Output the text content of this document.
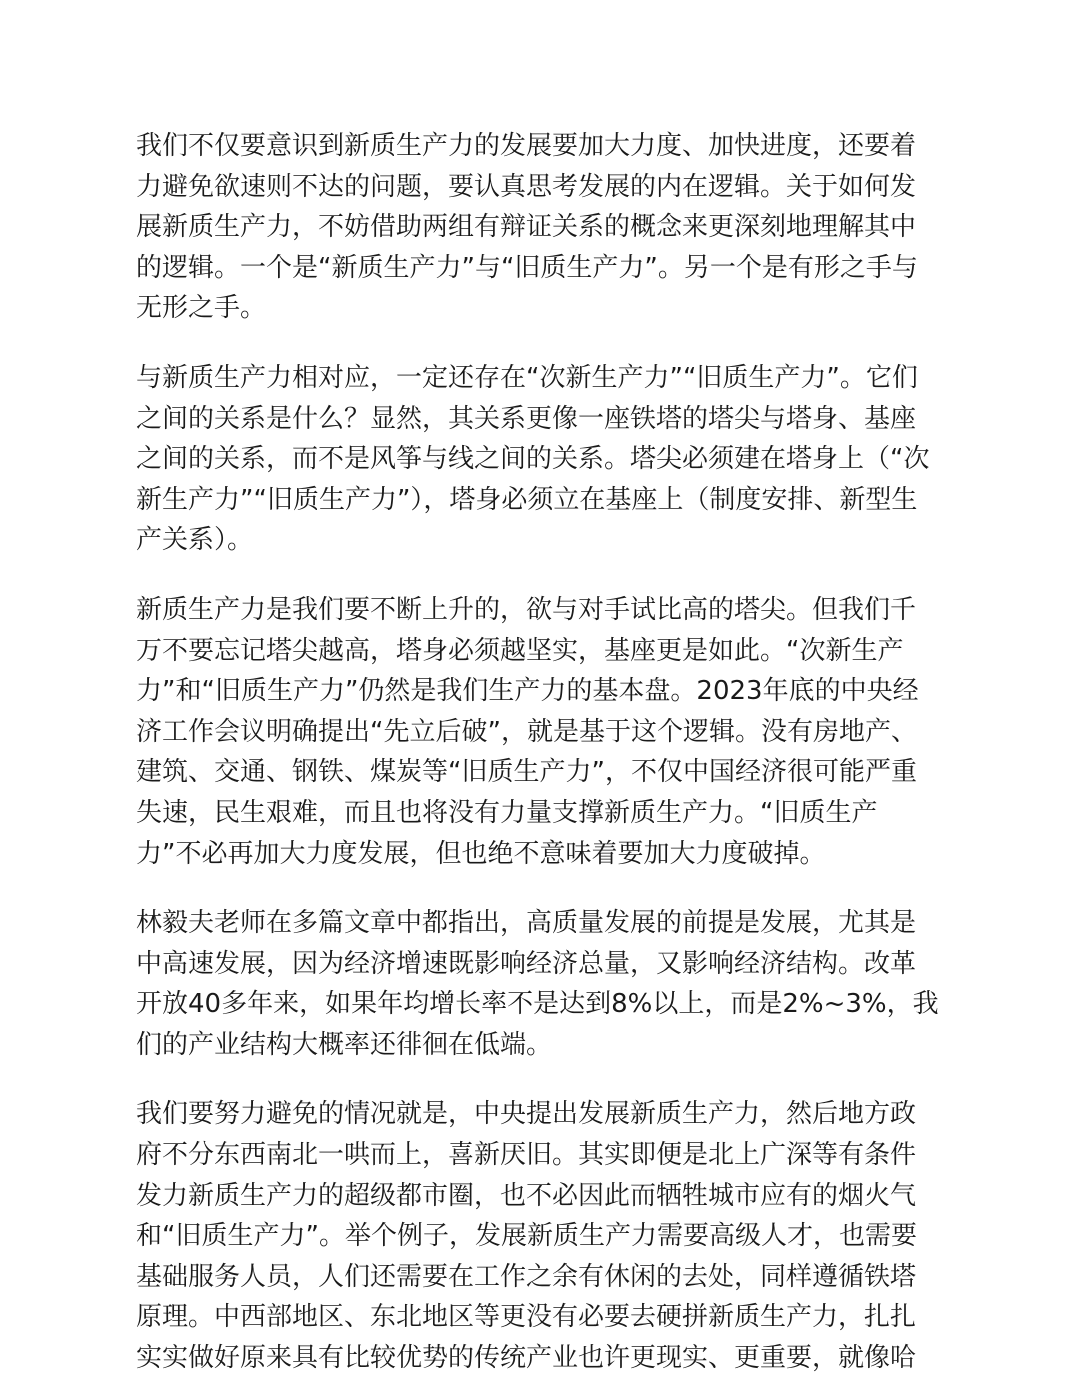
我们不仅要意识到新质生产力的发展要加大力度、加快进度，还要着力避免欲速则不达的问题，要认真思考发展的内在逻辑。关于如何发展新质生产力，不妨借助两组有辩证关系的概念来更深刻地理解其中的逻辑。一个是“新质生产力”与“旧质生产力”。另一个是有形之手与无形之手。

与新质生产力相对应，一定还存在“次新生产力”“旧质生产力”。它们之间的关系是什么？显然，其关系更像一座铁塔的塔尖与塔身、基座之间的关系，而不是风筝与线之间的关系。塔尖必须建在塔身上（“次新生产力”“旧质生产力”），塔身必须立在基座上（制度安排、新型生产关系）。

新质生产力是我们要不断上升的，欲与对手试比高的塔尖。但我们千万不要忘记塔尖越高，塔身必须越坚实，基座更是如此。“次新生产力”和“旧质生产力”仍然是我们生产力的基本盘。2023年底的中央经济工作会议明确提出“先立后破”，就是基于这个逻辑。没有房地产、建筑、交通、钢铁、煤炭等“旧质生产力”，不仅中国经济很可能严重失速，民生艰难，而且也将没有力量支撑新质生产力。“旧质生产力”不必再加大力度发展，但也绝不意味着要加大力度破掉。

林毅夫老师在多篇文章中都指出，高质量发展的前提是发展，尤其是中高速发展，因为经济增速既影响经济总量，又影响经济结构。改革开放40多年来，如果年均增长率不是达到8%以上，而是2%~3%，我们的产业结构大概率还徘徊在低端。

我们要努力避免的情况就是，中央提出发展新质生产力，然后地方政府不分东西南北一哄而上，喜新厌旧。其实即便是北上广深等有条件发力新质生产力的超级都市圈，也不必因此而牺牲城市应有的烟火气和“旧质生产力”。举个例子，发展新质生产力需要高级人才，也需要基础服务人员，人们还需要在工作之余有休闲的去处，同样遵循铁塔原理。中西部地区、东北地区等更没有必要去硬拼新质生产力，扎扎实实做好原来具有比较优势的传统产业也许更现实、更重要，就像哈
